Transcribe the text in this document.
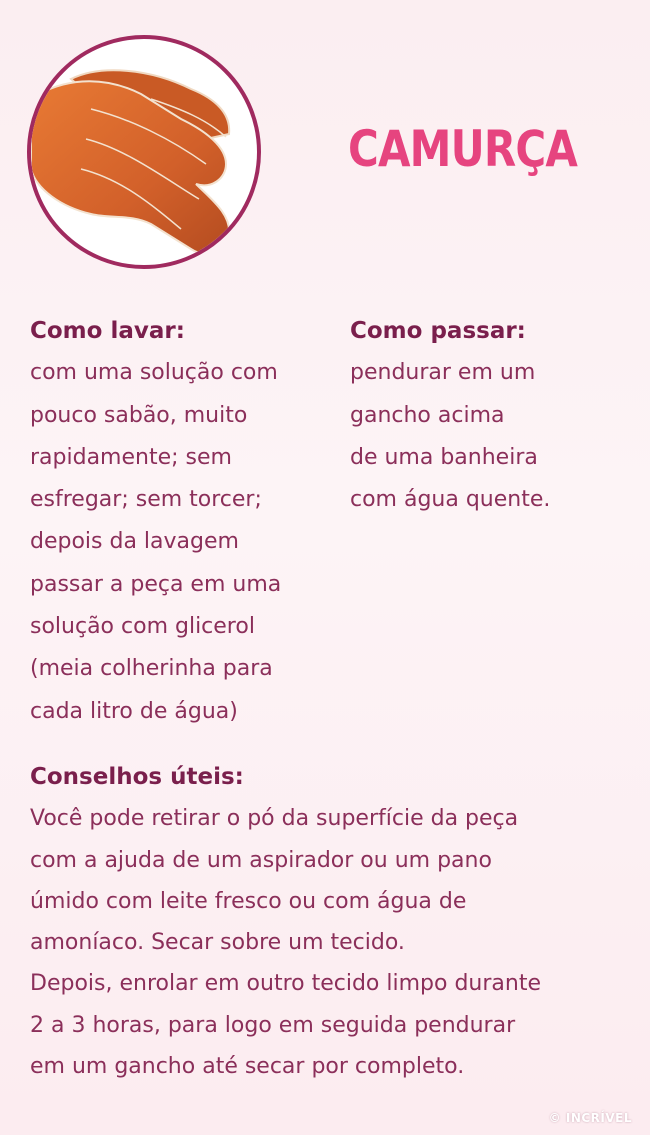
CAMURÇA
Como lavar:
com uma solução com
pouco sabão, muito
rapidamente; sem
esfregar; sem torcer;
depois da lavagem
passar a peça em uma
solução com glicerol
(meia colherinha para
cada litro de água)
Como passar:
pendurar em um
gancho acima
de uma banheira
com água quente.
Conselhos úteis:
Você pode retirar o pó da superfície da peça
com a ajuda de um aspirador ou um pano
úmido com leite fresco ou com água de
amoníaco. Secar sobre um tecido.
Depois, enrolar em outro tecido limpo durante
2 a 3 horas, para logo em seguida pendurar
em um gancho até secar por completo.
© INCRÍVEL
